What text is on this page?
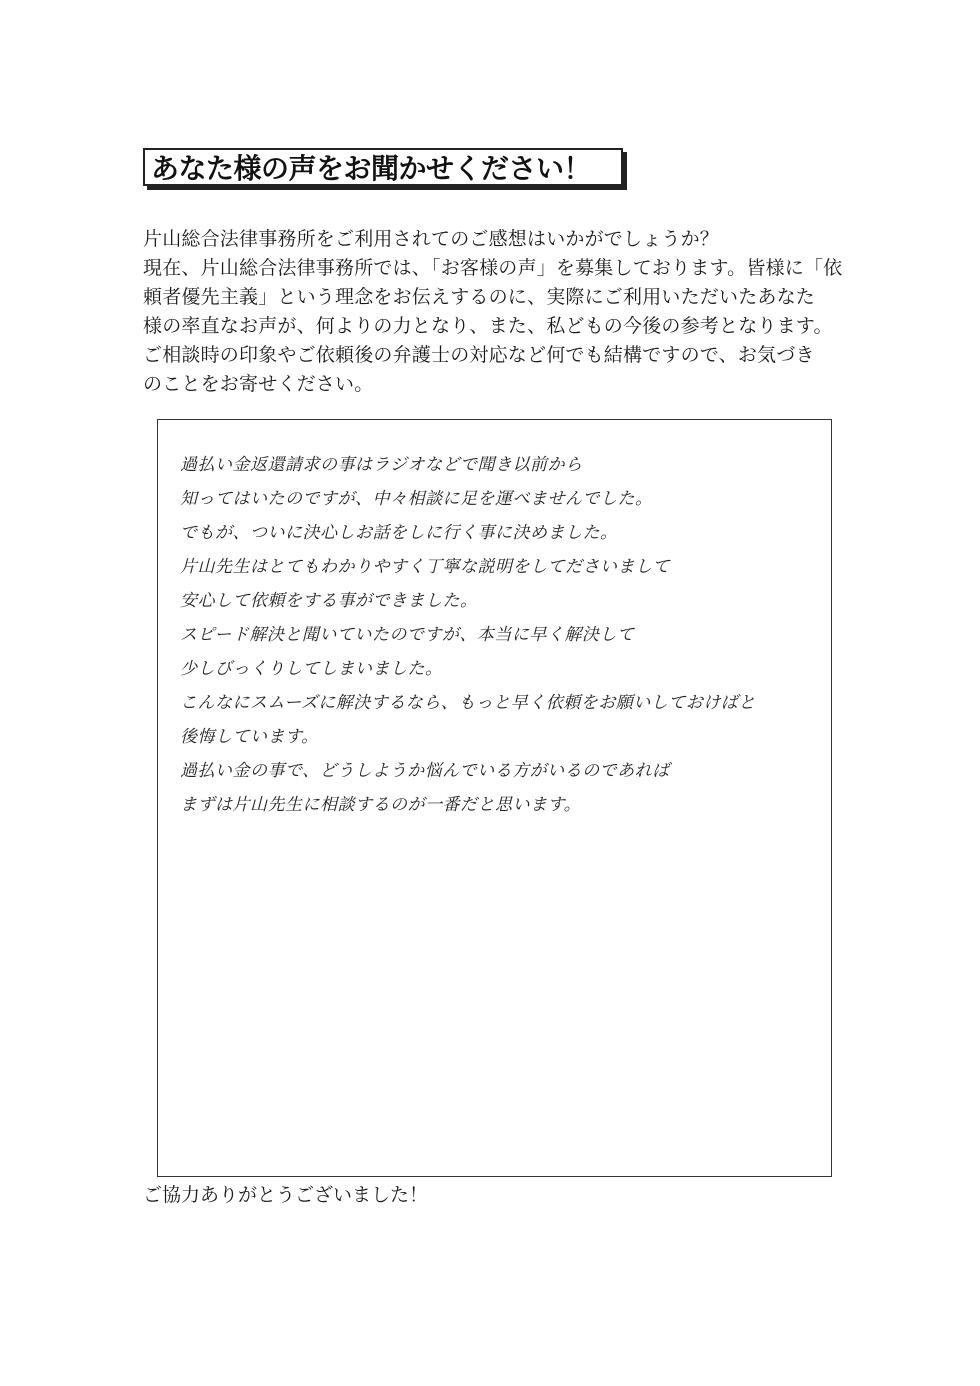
あなた様の声をお聞かせください！
片山総合法律事務所をご利用されてのご感想はいかがでしょうか？
現在、片山総合法律事務所では、「お客様の声」を募集しております。皆様に「依
頼者優先主義」という理念をお伝えするのに、実際にご利用いただいたあなた
様の率直なお声が、何よりの力となり、また、私どもの今後の参考となります。
ご相談時の印象やご依頼後の弁護士の対応など何でも結構ですので、お気づき
のことをお寄せください。
過払い金返還請求の事はラジオなどで聞き以前から
知ってはいたのですが、中々相談に足を運べませんでした。
でもが、ついに決心しお話をしに行く事に決めました。
片山先生はとてもわかりやすく丁寧な説明をしてださいまして
安心して依頼をする事ができました。
スピード解決と聞いていたのですが、本当に早く解決して
少しびっくりしてしまいました。
こんなにスムーズに解決するなら、もっと早く依頼をお願いしておけばと
後悔しています。
過払い金の事で、どうしようか悩んでいる方がいるのであれば
まずは片山先生に相談するのが一番だと思います。
ご協力ありがとうございました！
